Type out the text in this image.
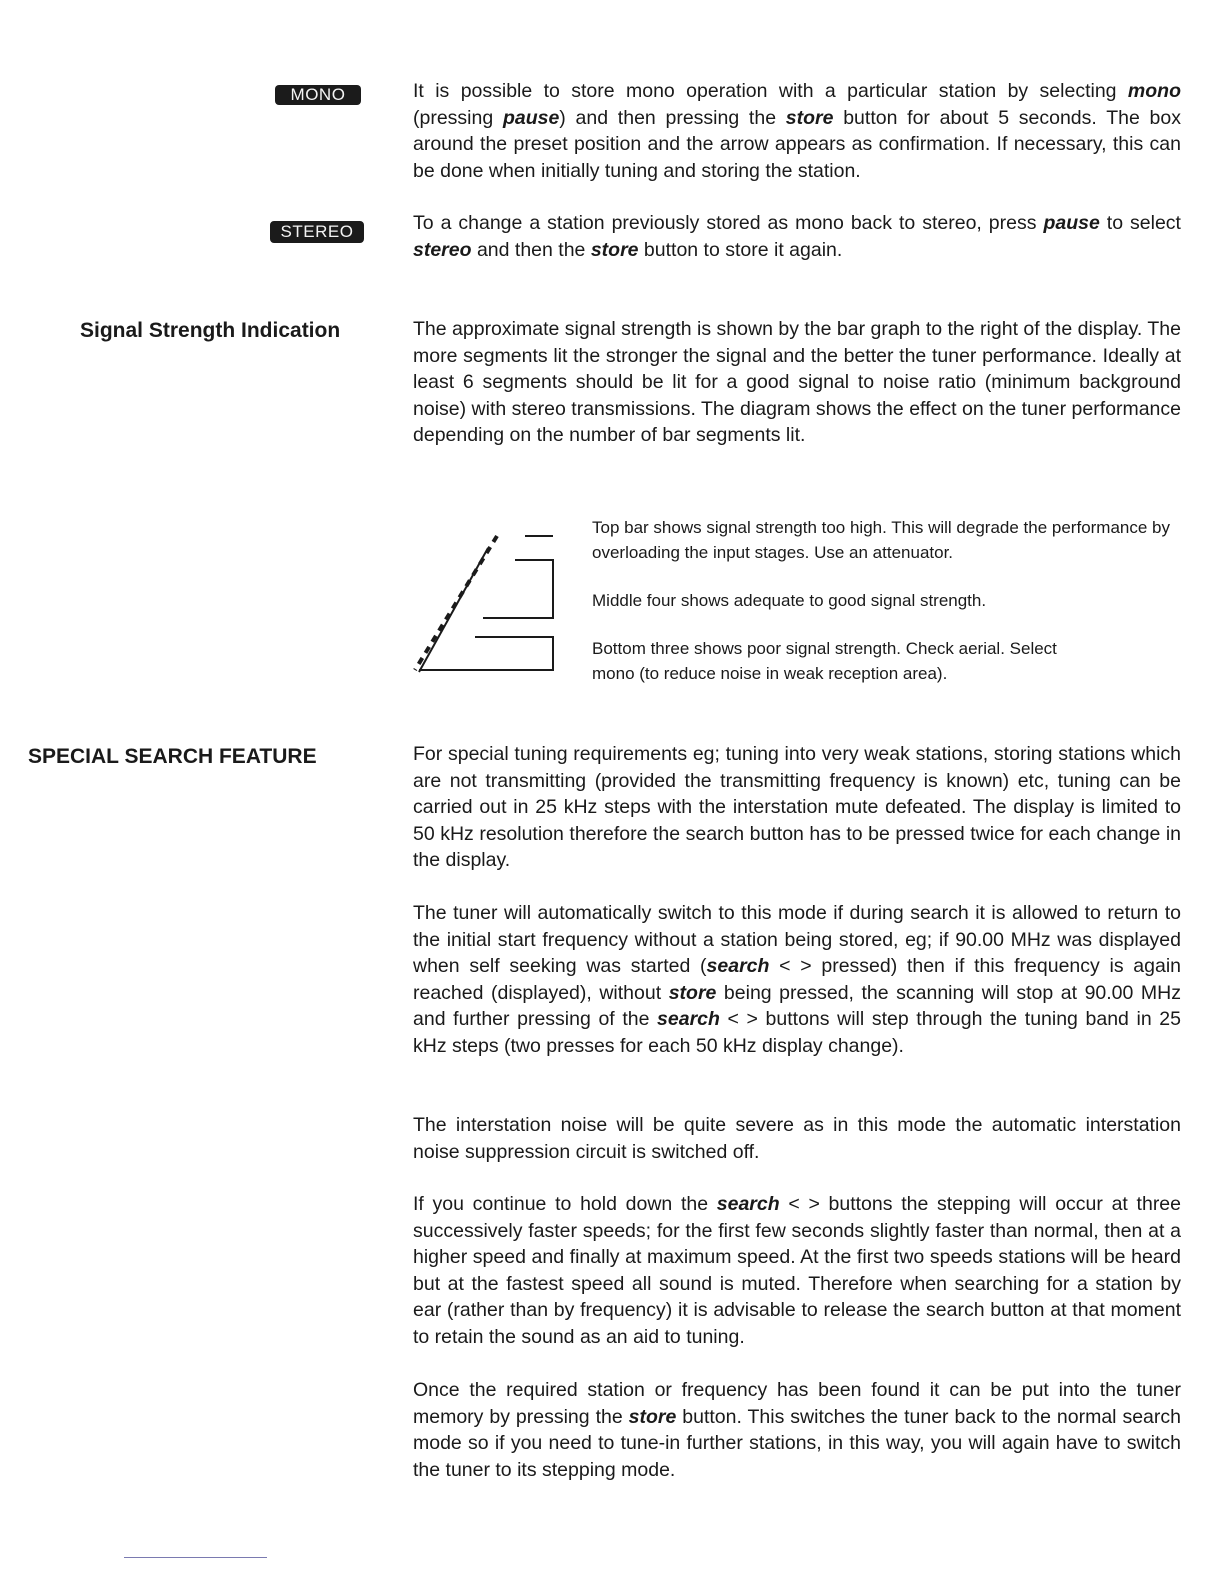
MONO	It is possible to store mono operation with a particular station by selecting mono (pressing pause) and then pressing the store button for about 5 seconds. The box around the preset position and the arrow appears as confirmation. If necessary, this can be done when initially tuning and storing the station.

STEREO	To a change a station previously stored as mono back to stereo, press pause to select stereo and then the store button to store it again.

Signal Strength Indication	The approximate signal strength is shown by the bar graph to the right of the display. The more segments lit the stronger the signal and the better the tuner performance. Ideally at least 6 segments should be lit for a good signal to noise ratio (minimum background noise) with stereo transmissions. The diagram shows the effect on the tuner performance depending on the number of bar segments lit.

Top bar shows signal strength too high. This will degrade the performance by overloading the input stages. Use an attenuator.

Middle four shows adequate to good signal strength.

Bottom three shows poor signal strength. Check aerial. Select mono (to reduce noise in weak reception area).

SPECIAL SEARCH FEATURE	For special tuning requirements eg; tuning into very weak stations, storing stations which are not transmitting (provided the transmitting frequency is known) etc, tuning can be carried out in 25 kHz steps with the interstation mute defeated. The display is limited to 50 kHz resolution therefore the search button has to be pressed twice for each change in the display.

The tuner will automatically switch to this mode if during search it is allowed to return to the initial start frequency without a station being stored, eg; if 90.00 MHz was displayed when self seeking was started (search < > pressed) then if this frequency is again reached (displayed), without store being pressed, the scanning will stop at 90.00 MHz and further pressing of the search < > buttons will step through the tuning band in 25 kHz steps (two presses for each 50 kHz display change).

The interstation noise will be quite severe as in this mode the automatic interstation noise suppression circuit is switched off.

If you continue to hold down the search < > buttons the stepping will occur at three successively faster speeds; for the first few seconds slightly faster than normal, then at a higher speed and finally at maximum speed. At the first two speeds stations will be heard but at the fastest speed all sound is muted. Therefore when searching for a station by ear (rather than by frequency) it is advisable to release the search button at that moment to retain the sound as an aid to tuning.

Once the required station or frequency has been found it can be put into the tuner memory by pressing the store button. This switches the tuner back to the normal search mode so if you need to tune-in further stations, in this way, you will again have to switch the tuner to its stepping mode.
